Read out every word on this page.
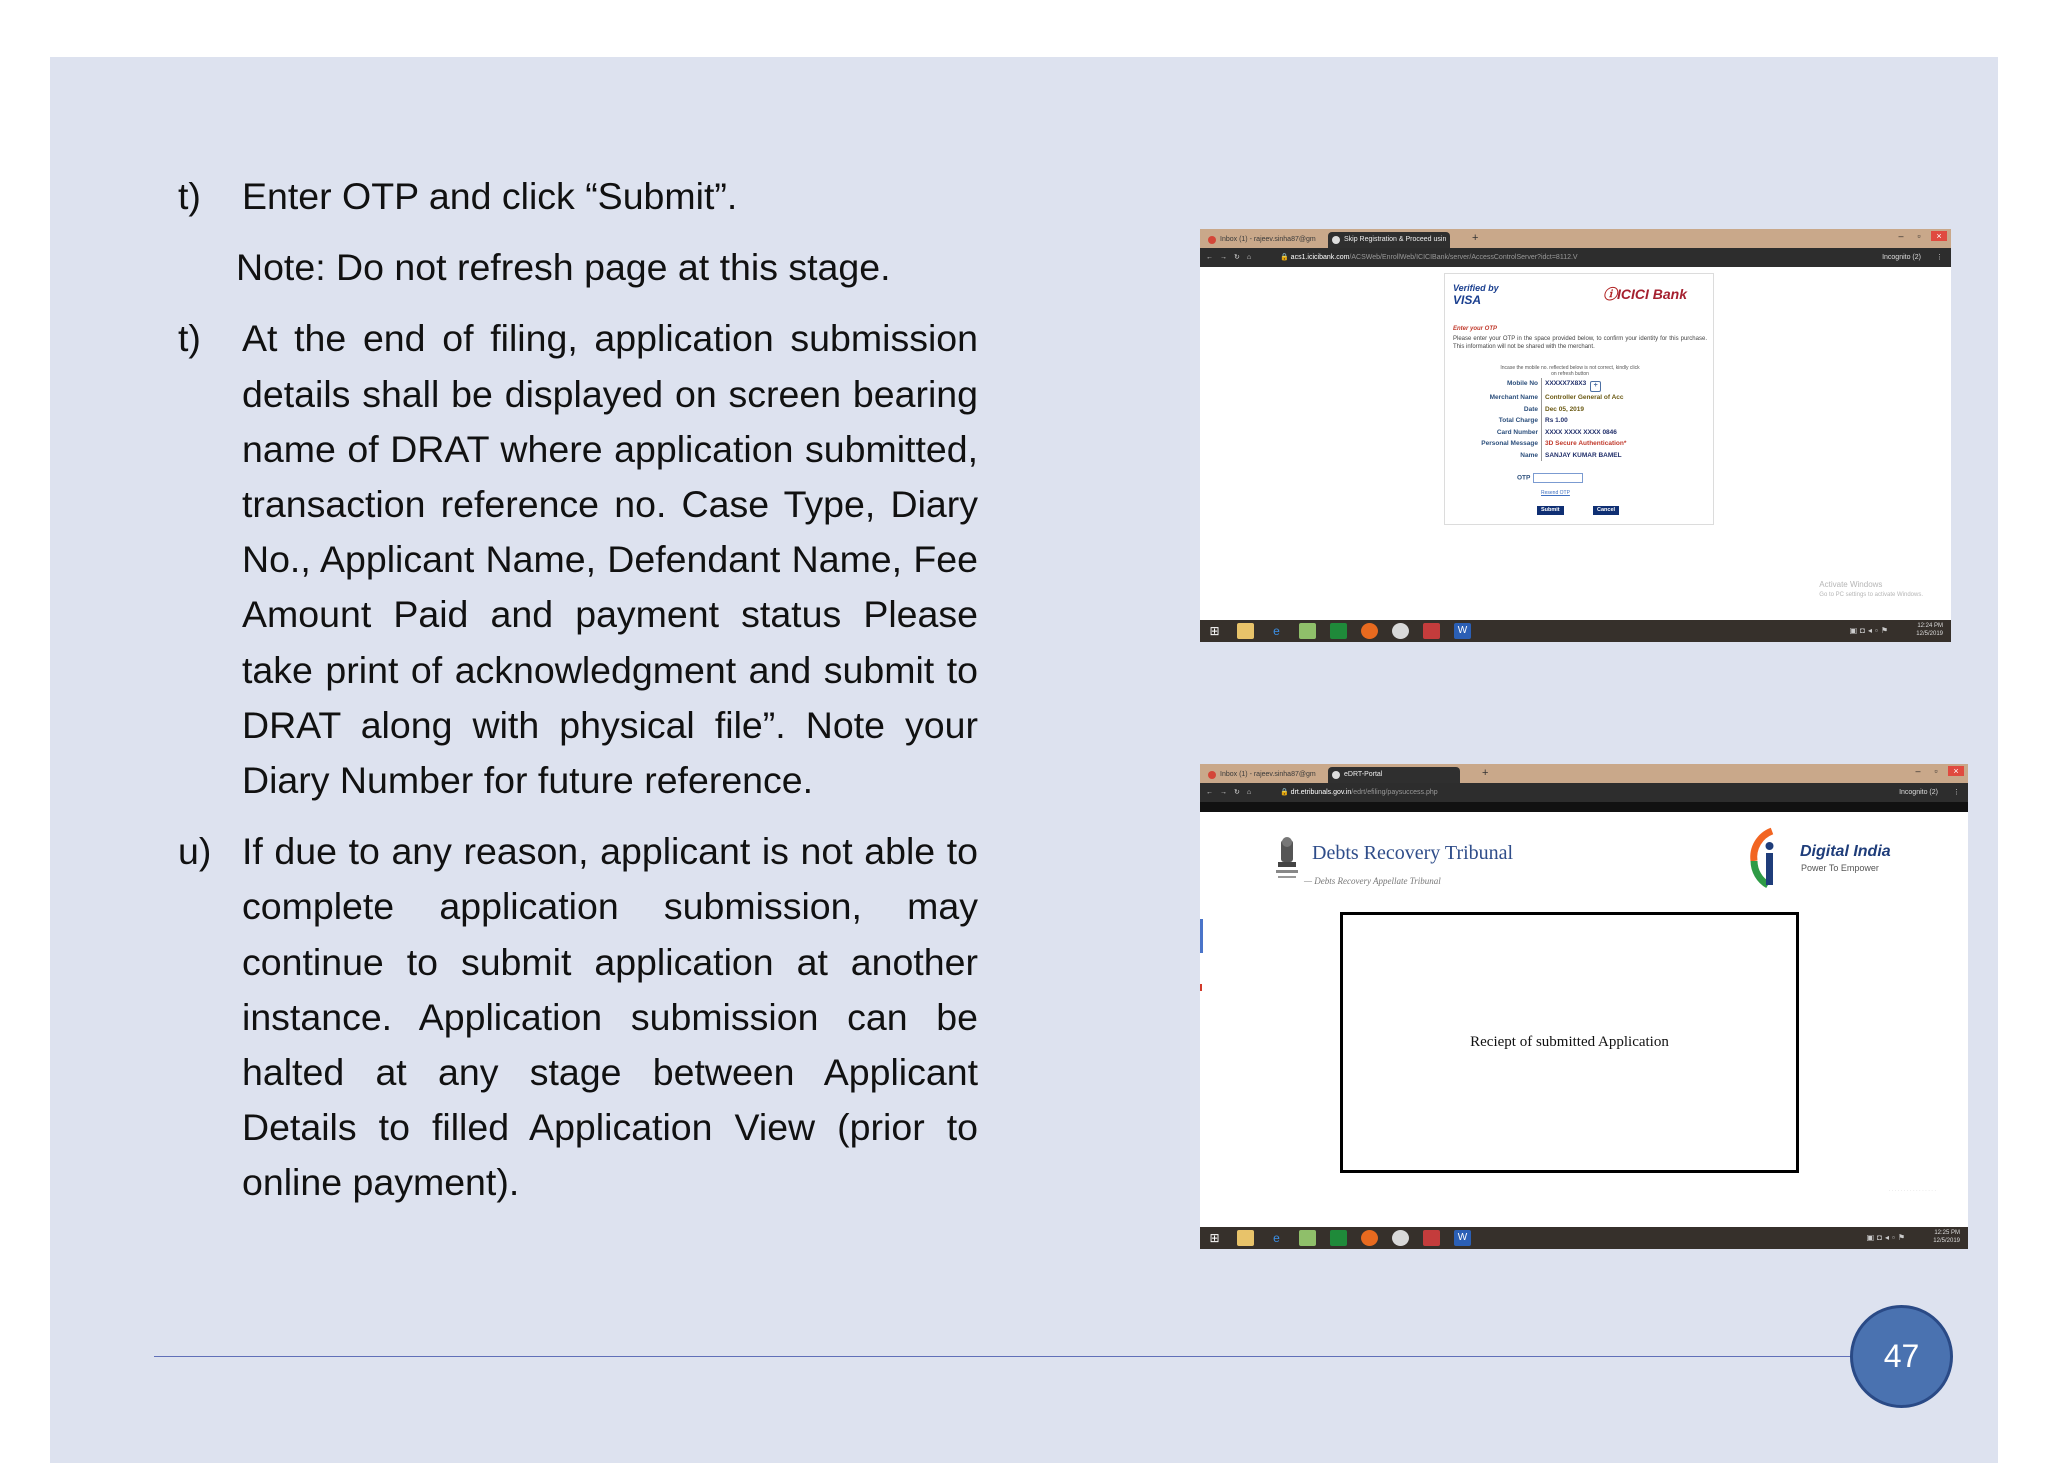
t) Enter OTP and click “Submit”.
Note: Do not refresh page at this stage.
t) At the end of filing, application submission details shall be displayed on screen bearing name of DRAT where application submitted, transaction reference no. Case Type, Diary No., Applicant Name, Defendant Name, Fee Amount Paid and payment status Please take print of acknowledgment and submit to DRAT along with physical file”. Note your Diary Number for future reference.
u) If due to any reason, applicant is not able to complete application submission, may continue to submit application at another instance. Application submission can be halted at any stage between Applicant Details to filled Application View (prior to online payment).
Inbox (1) - rajeev.sinha87@gm	Skip Registration & Proceed usin	+	–	▫	×
←→↻⌂	🔒 acs1.icicibank.com/ACSWeb/EnrollWeb/ICICIBank/server/AccessControlServer?idct=8112.V	Incognito (2) ⋮
Verified by
VISA	ⓘICICI Bank
Enter your OTP
Please enter your OTP in the space provided below, to confirm your identity for this purchase. This information will not be shared with the merchant.
Incase the mobile no. reflected below is not correct, kindly click on refresh button
Mobile No	XXXXX7X8X3 +
Merchant Name	Controller General of Acc
Date	Dec 05, 2019
Total Charge	Rs 1.00
Card Number	XXXX XXXX XXXX 0846
Personal Message	3D Secure Authentication*
Name	SANJAY KUMAR BAMEL
OTP
Resend OTP
Submit	Cancel
Activate Windows
Go to PC settings to activate Windows.
⊞	e	W	▣◘◂▫⚑	12:24 PM
12/5/2019
Inbox (1) - rajeev.sinha87@gm	eDRT-Portal	+	–	▫	×
←→↻⌂	🔒 drt.etribunals.gov.in/edrt/efiling/paysuccess.php	Incognito (2) ⋮
Debts Recovery Tribunal
— Debts Recovery Appellate Tribunal
Digital India
Power To Empower
Reciept of submitted Application
· · · · · · · · · · · · · · · ·
⊞	e	W	▣◘◂▫⚑	12:25 PM
12/5/2019
47
